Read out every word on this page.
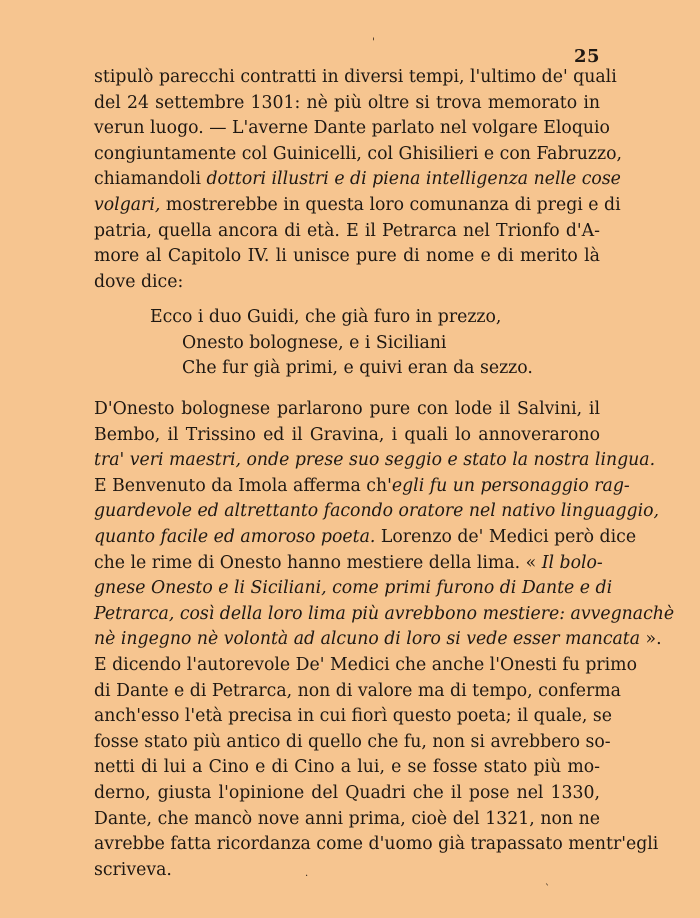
25
stipulò parecchi contratti in diversi tempi, l'ultimo de' quali
del 24 settembre 1301: nè più oltre si trova memorato in
verun luogo. — L'averne Dante parlato nel volgare Eloquio
congiuntamente col Guinicelli, col Ghisilieri e con Fabruzzo,
chiamandoli dottori illustri e di piena intelligenza nelle cose
volgari, mostrerebbe in questa loro comunanza di pregi e di
patria, quella ancora di età. E il Petrarca nel Trionfo d'A-
more al Capitolo IV. li unisce pure di nome e di merito là
dove dice:
Ecco i duo Guidi, che già furo in prezzo,
Onesto bolognese, e i Siciliani
Che fur già primi, e quivi eran da sezzo.
D'Onesto bolognese parlarono pure con lode il Salvini, il
Bembo, il Trissino ed il Gravina, i quali lo annoverarono
tra' veri maestri, onde prese suo seggio e stato la nostra lingua.
E Benvenuto da Imola afferma ch'egli fu un personaggio rag-
guardevole ed altrettanto facondo oratore nel nativo linguaggio,
quanto facile ed amoroso poeta. Lorenzo de' Medici però dice
che le rime di Onesto hanno mestiere della lima. « Il bolo-
gnese Onesto e li Siciliani, come primi furono di Dante e di
Petrarca, così della loro lima più avrebbono mestiere: avvegnachè
nè ingegno nè volontà ad alcuno di loro si vede esser mancata ».
E dicendo l'autorevole De' Medici che anche l'Onesti fu primo
di Dante e di Petrarca, non di valore ma di tempo, conferma
anch'esso l'età precisa in cui fiorì questo poeta; il quale, se
fosse stato più antico di quello che fu, non si avrebbero so-
netti di lui a Cino e di Cino a lui, e se fosse stato più mo-
derno, giusta l'opinione del Quadri che il pose nel 1330,
Dante, che mancò nove anni prima, cioè del 1321, non ne
avrebbe fatta ricordanza come d'uomo già trapassato mentr'egli
scriveva.
'
`
.
